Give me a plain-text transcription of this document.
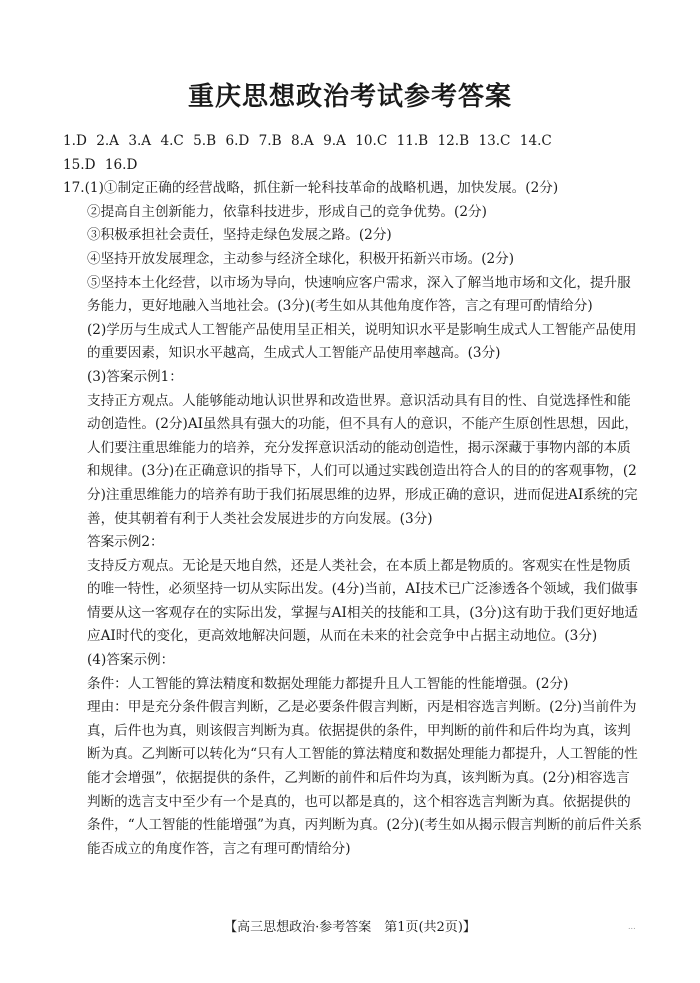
重庆思想政治考试参考答案
1.D 2.A 3.A 4.C 5.B 6.D 7.B 8.A 9.A 10.C 11.B 12.B 13.C 14.C
15.D 16.D
17.(1)①制定正确的经营战略，抓住新一轮科技革命的战略机遇，加快发展。(2分)
②提高自主创新能力，依靠科技进步，形成自己的竞争优势。(2分)
③积极承担社会责任，坚持走绿色发展之路。(2分)
④坚持开放发展理念，主动参与经济全球化，积极开拓新兴市场。(2分)
⑤坚持本土化经营，以市场为导向，快速响应客户需求，深入了解当地市场和文化，提升服务能力，更好地融入当地社会。(3分)(考生如从其他角度作答，言之有理可酌情给分)
(2)学历与生成式人工智能产品使用呈正相关，说明知识水平是影响生成式人工智能产品使用的重要因素，知识水平越高，生成式人工智能产品使用率越高。(3分)
(3)答案示例1：
支持正方观点。人能够能动地认识世界和改造世界。意识活动具有目的性、自觉选择性和能动创造性。(2分)AI虽然具有强大的功能，但不具有人的意识，不能产生原创性思想，因此，人们要注重思维能力的培养，充分发挥意识活动的能动创造性，揭示深藏于事物内部的本质和规律。(3分)在正确意识的指导下，人们可以通过实践创造出符合人的目的的客观事物，(2分)注重思维能力的培养有助于我们拓展思维的边界，形成正确的意识，进而促进AI系统的完善，使其朝着有利于人类社会发展进步的方向发展。(3分)
答案示例2：
支持反方观点。无论是天地自然，还是人类社会，在本质上都是物质的。客观实在性是物质的唯一特性，必须坚持一切从实际出发。(4分)当前，AI技术已广泛渗透各个领域，我们做事情要从这一客观存在的实际出发，掌握与AI相关的技能和工具，(3分)这有助于我们更好地适应AI时代的变化，更高效地解决问题，从而在未来的社会竞争中占据主动地位。(3分)
(4)答案示例：
条件：人工智能的算法精度和数据处理能力都提升且人工智能的性能增强。(2分)
理由：甲是充分条件假言判断，乙是必要条件假言判断，丙是相容选言判断。(2分)当前件为真，后件也为真，则该假言判断为真。依据提供的条件，甲判断的前件和后件均为真，该判断为真。乙判断可以转化为“只有人工智能的算法精度和数据处理能力都提升，人工智能的性能才会增强”，依据提供的条件，乙判断的前件和后件均为真，该判断为真。(2分)相容选言判断的选言支中至少有一个是真的，也可以都是真的，这个相容选言判断为真。依据提供的条件，“人工智能的性能增强”为真，丙判断为真。(2分)(考生如从揭示假言判断的前后件关系能否成立的角度作答，言之有理可酌情给分)
【高三思想政治·参考答案　第1页(共2页)】	...
